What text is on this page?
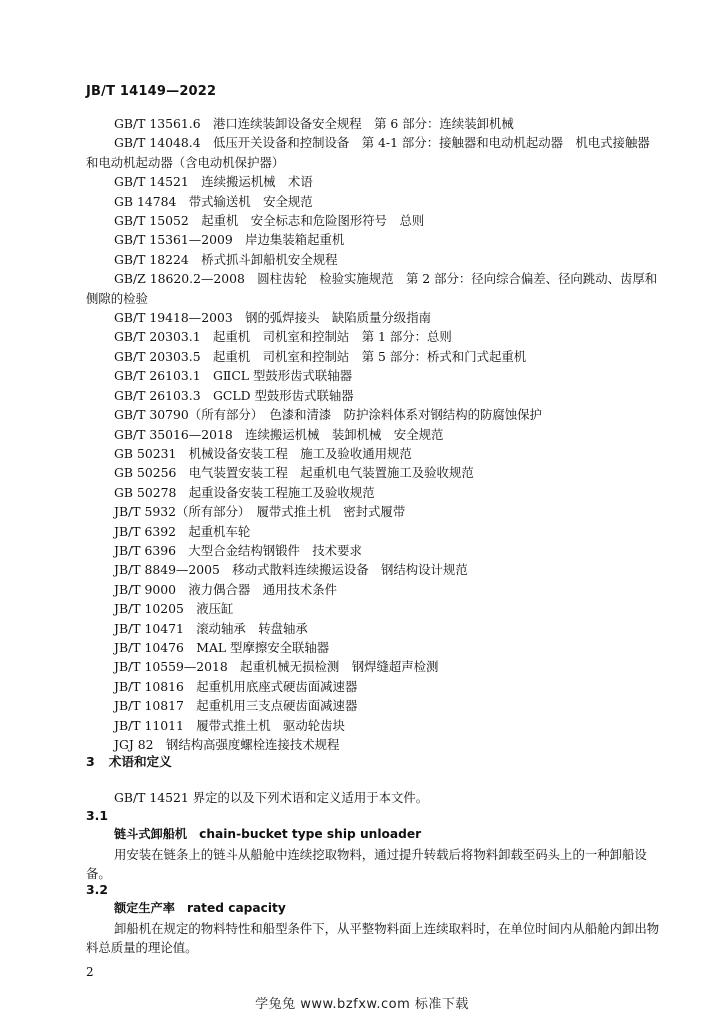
JB/T 14149—2022

GB/T 13561.6　港口连续装卸设备安全规程　第 6 部分：连续装卸机械

GB/T 14048.4　低压开关设备和控制设备　第 4-1 部分：接触器和电动机起动器　机电式接触器和电动机起动器（含电动机保护器）

GB/T 14521　连续搬运机械　术语

GB 14784　带式输送机　安全规范

GB/T 15052　起重机　安全标志和危险图形符号　总则

GB/T 15361—2009　岸边集装箱起重机

GB/T 18224　桥式抓斗卸船机安全规程

GB/Z 18620.2—2008　圆柱齿轮　检验实施规范　第 2 部分：径向综合偏差、径向跳动、齿厚和侧隙的检验

GB/T 19418—2003　钢的弧焊接头　缺陷质量分级指南

GB/T 20303.1　起重机　司机室和控制站　第 1 部分：总则

GB/T 20303.5　起重机　司机室和控制站　第 5 部分：桥式和门式起重机

GB/T 26103.1　GⅡCL 型鼓形齿式联轴器

GB/T 26103.3　GCLD 型鼓形齿式联轴器

GB/T 30790（所有部分）　色漆和清漆　防护涂料体系对钢结构的防腐蚀保护

GB/T 35016—2018　连续搬运机械　装卸机械　安全规范

GB 50231　机械设备安装工程　施工及验收通用规范

GB 50256　电气装置安装工程　起重机电气装置施工及验收规范

GB 50278　起重设备安装工程施工及验收规范

JB/T 5932（所有部分）　履带式推土机　密封式履带

JB/T 6392　起重机车轮

JB/T 6396　大型合金结构钢锻件　技术要求

JB/T 8849—2005　移动式散料连续搬运设备　钢结构设计规范

JB/T 9000　液力偶合器　通用技术条件

JB/T 10205　液压缸

JB/T 10471　滚动轴承　转盘轴承

JB/T 10476　MAL 型摩擦安全联轴器

JB/T 10559—2018　起重机械无损检测　钢焊缝超声检测

JB/T 10816　起重机用底座式硬齿面减速器

JB/T 10817　起重机用三支点硬齿面减速器

JB/T 11011　履带式推土机　驱动轮齿块

JGJ 82　钢结构高强度螺栓连接技术规程

3 术语和定义
GB/T 14521 界定的以及下列术语和定义适用于本文件。

3.1

链斗式卸船机 chain-bucket type ship unloader

用安装在链条上的链斗从船舱中连续挖取物料，通过提升转载后将物料卸载至码头上的一种卸船设备。

3.2

额定生产率 rated capacity

卸船机在规定的物料特性和船型条件下，从平整物料面上连续取料时，在单位时间内从船舱内卸出物料总质量的理论值。

2
学兔兔 www.bzfxw.com 标准下载
